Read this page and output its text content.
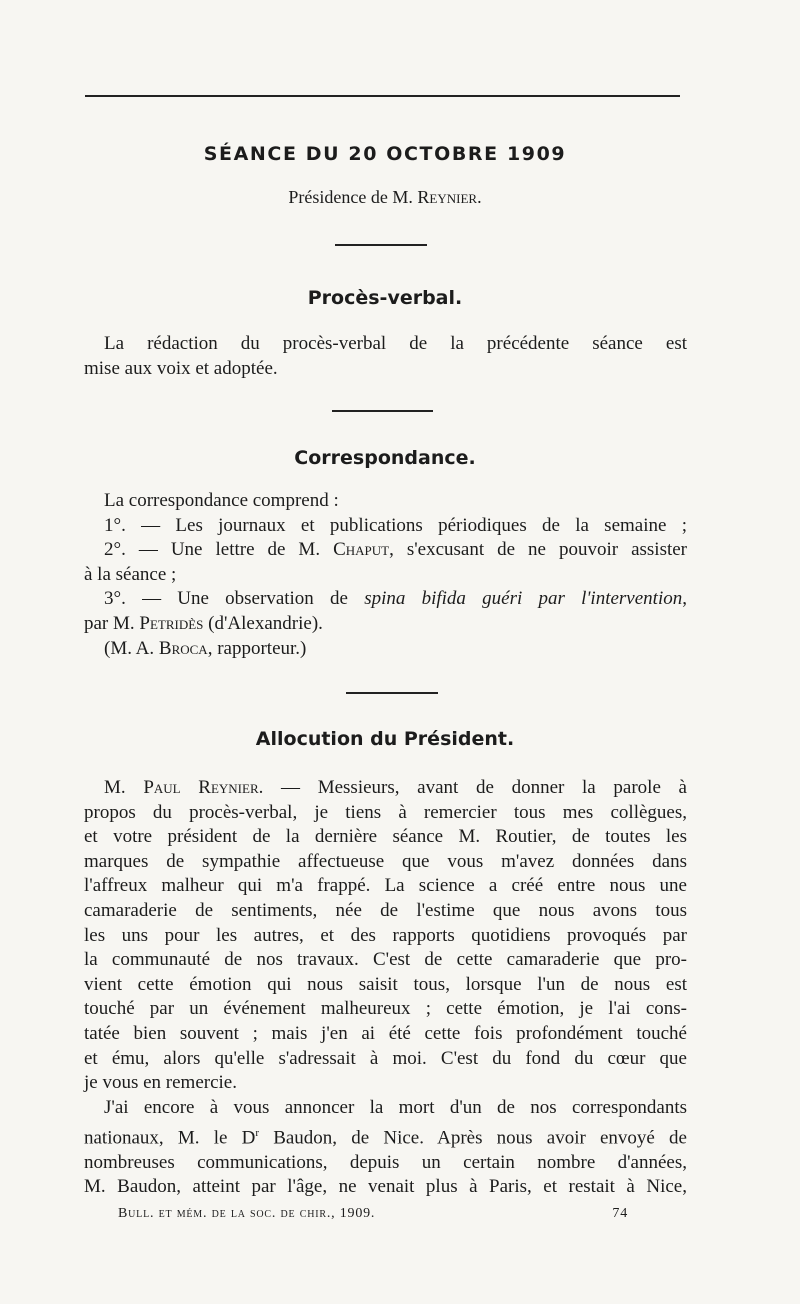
SÉANCE DU 20 OCTOBRE 1909
Présidence de M. Reynier.
Procès-verbal.
La rédaction du procès-verbal de la précédente séance est
mise aux voix et adoptée.
Correspondance.
La correspondance comprend :
1°. — Les journaux et publications périodiques de la semaine ;
2°. — Une lettre de M. Chaput, s'excusant de ne pouvoir assister
à la séance ;
3°. — Une observation de spina bifida guéri par l'intervention,
par M. Petridès (d'Alexandrie).
(M. A. Broca, rapporteur.)
Allocution du Président.
M. Paul Reynier. — Messieurs, avant de donner la parole à
propos du procès-verbal, je tiens à remercier tous mes collègues,
et votre président de la dernière séance M. Routier, de toutes les
marques de sympathie affectueuse que vous m'avez données dans
l'affreux malheur qui m'a frappé. La science a créé entre nous une
camaraderie de sentiments, née de l'estime que nous avons tous
les uns pour les autres, et des rapports quotidiens provoqués par
la communauté de nos travaux. C'est de cette camaraderie que pro-
vient cette émotion qui nous saisit tous, lorsque l'un de nous est
touché par un événement malheureux ; cette émotion, je l'ai cons-
tatée bien souvent ; mais j'en ai été cette fois profondément touché
et ému, alors qu'elle s'adressait à moi. C'est du fond du cœur que
je vous en remercie.
J'ai encore à vous annoncer la mort d'un de nos correspondants
nationaux, M. le $D^r$ Baudon, de Nice. Après nous avoir envoyé de
nombreuses communications, depuis un certain nombre d'années,
M. Baudon, atteint par l'âge, ne venait plus à Paris, et restait à Nice,
Bull. et mém. de la soc. de chir., 1909.	74
